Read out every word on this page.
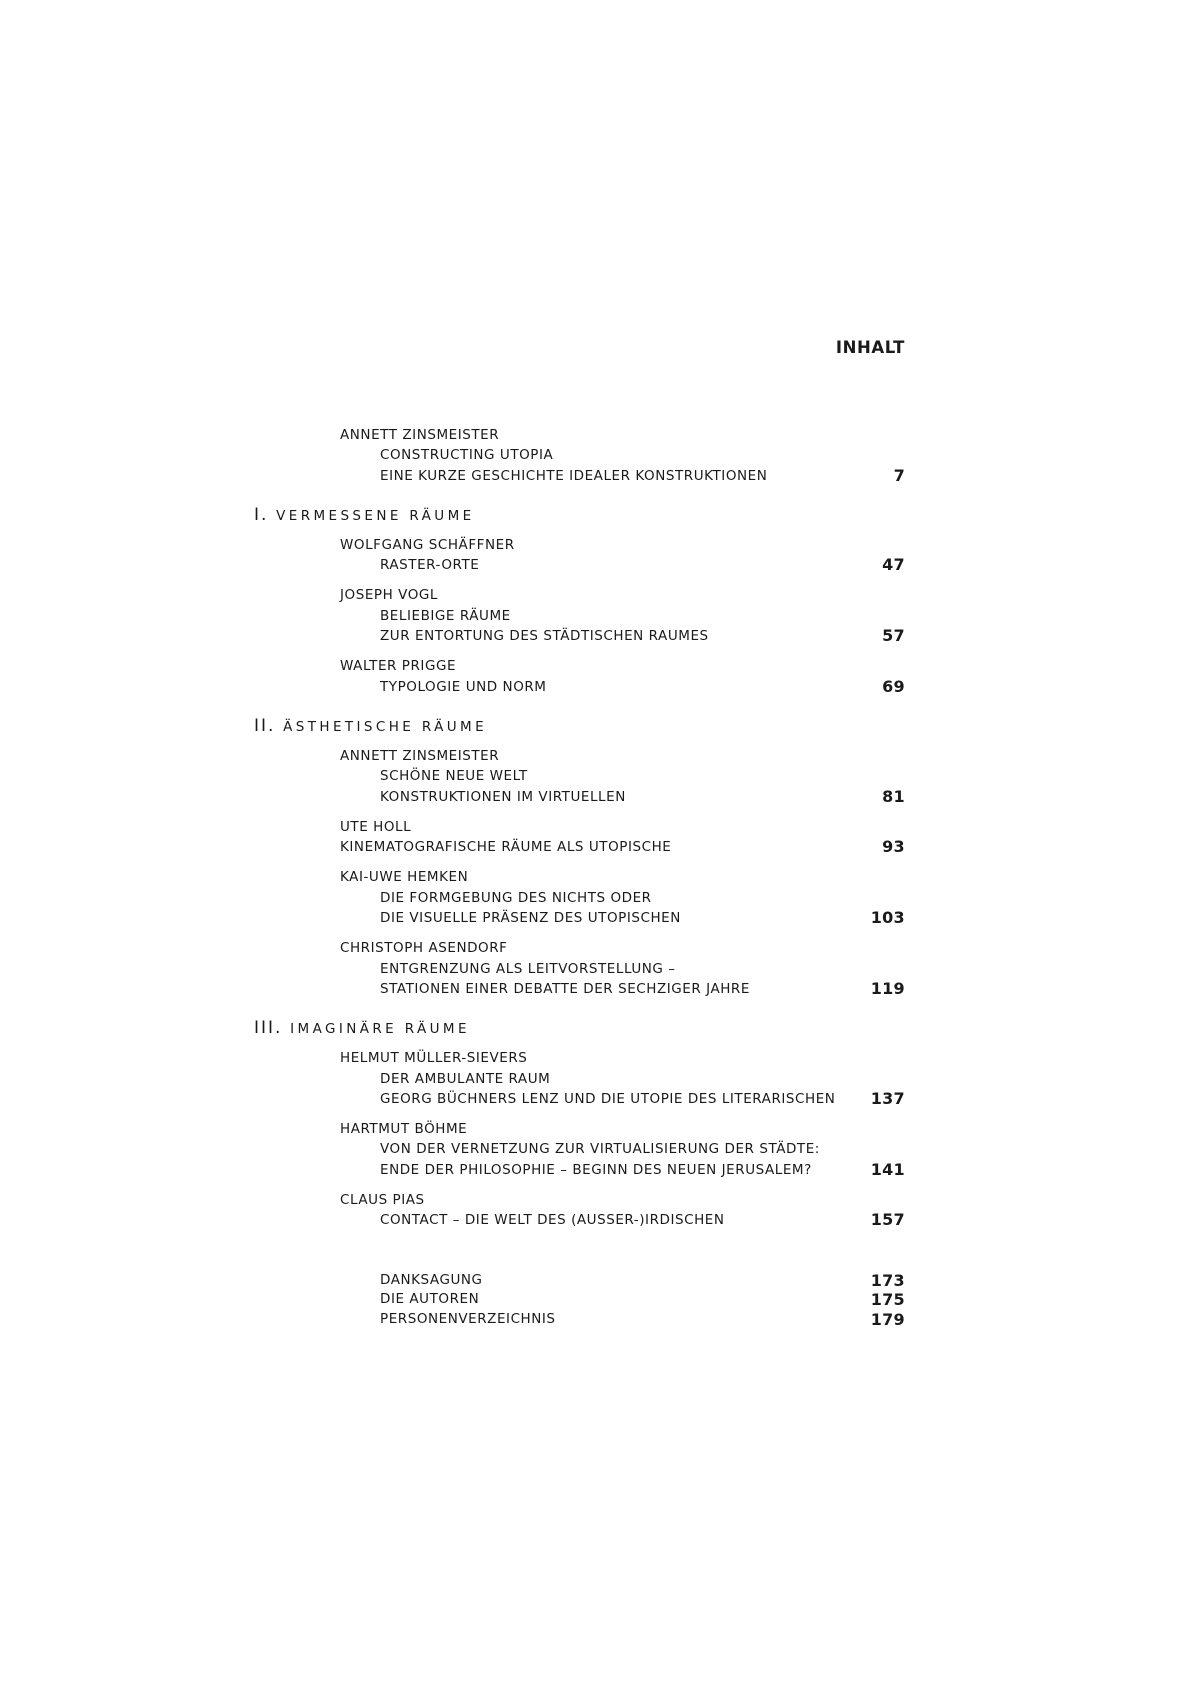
INHALT
ANNETT ZINSMEISTER
CONSTRUCTING UTOPIA
EINE KURZE GESCHICHTE IDEALER KONSTRUKTIONEN	7
I. VERMESSENE RÄUME
WOLFGANG SCHÄFFNER
RASTER-ORTE	47
JOSEPH VOGL
BELIEBIGE RÄUME
ZUR ENTORTUNG DES STÄDTISCHEN RAUMES	57
WALTER PRIGGE
TYPOLOGIE UND NORM	69
II. ÄSTHETISCHE RÄUME
ANNETT ZINSMEISTER
SCHÖNE NEUE WELT
KONSTRUKTIONEN IM VIRTUELLEN	81
UTE HOLL
KINEMATOGRAFISCHE RÄUME ALS UTOPISCHE	93
KAI-UWE HEMKEN
DIE FORMGEBUNG DES NICHTS ODER
DIE VISUELLE PRÄSENZ DES UTOPISCHEN	103
CHRISTOPH ASENDORF
ENTGRENZUNG ALS LEITVORSTELLUNG –
STATIONEN EINER DEBATTE DER SECHZIGER JAHRE	119
III. IMAGINÄRE RÄUME
HELMUT MÜLLER-SIEVERS
DER AMBULANTE RAUM
GEORG BÜCHNERS LENZ UND DIE UTOPIE DES LITERARISCHEN 137
HARTMUT BÖHME
VON DER VERNETZUNG ZUR VIRTUALISIERUNG DER STÄDTE:
ENDE DER PHILOSOPHIE – BEGINN DES NEUEN JERUSALEM?	141
CLAUS PIAS
CONTACT – DIE WELT DES (AUSSER-)IRDISCHEN	157
DANKSAGUNG	173
DIE AUTOREN	175
PERSONENVERZEICHNIS	179
